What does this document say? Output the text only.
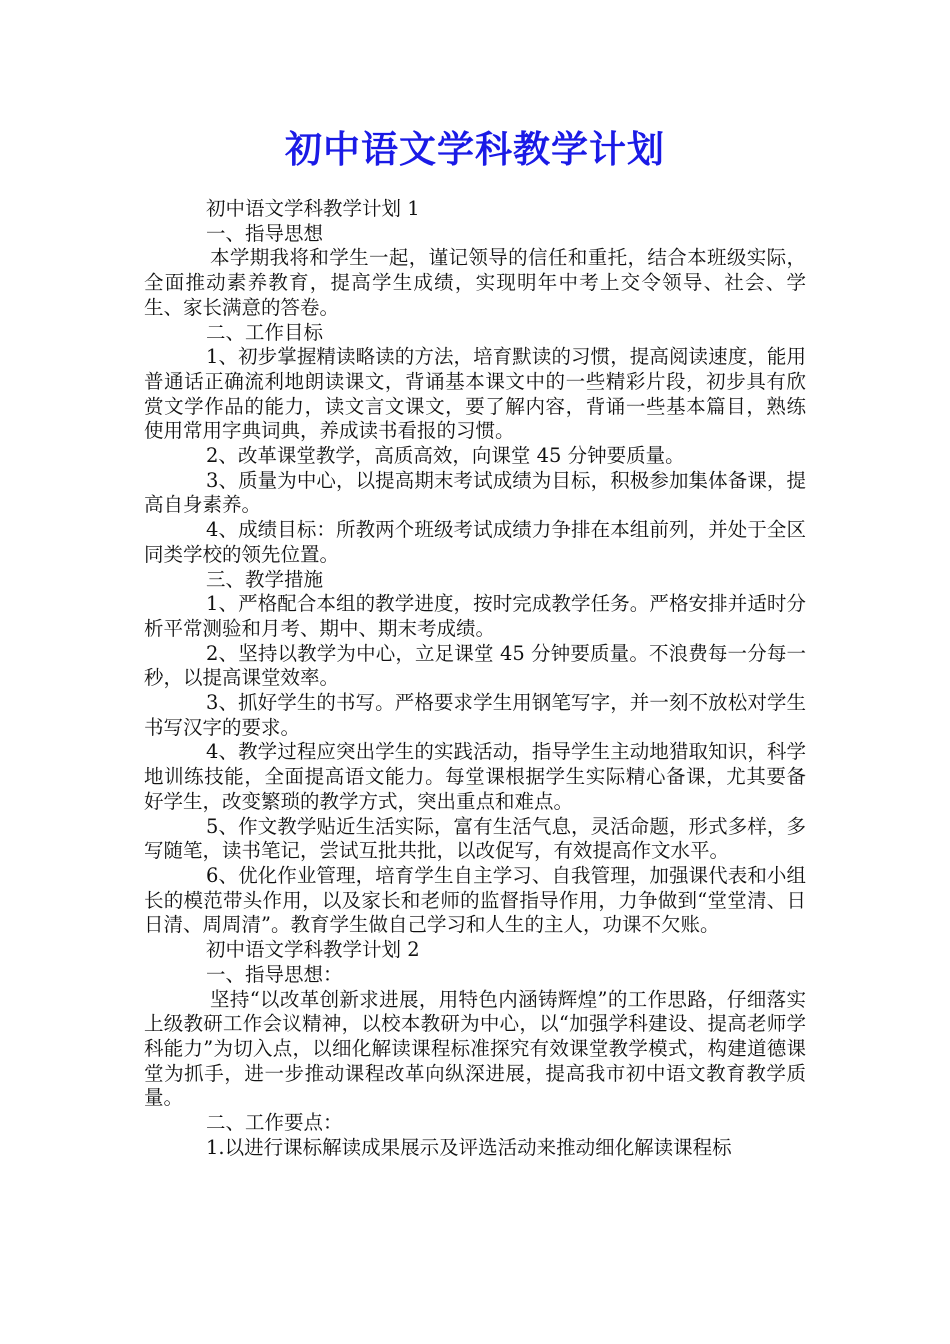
初中语文学科教学计划

初中语文学科教学计划 1

一、指导思想

本学期我将和学生一起，谨记领导的信任和重托，结合本班级实际，全面推动素养教育，提高学生成绩，实现明年中考上交令领导、社会、学生、家长满意的答卷。

二、工作目标

1、初步掌握精读略读的方法，培育默读的习惯，提高阅读速度，能用普通话正确流利地朗读课文，背诵基本课文中的一些精彩片段，初步具有欣赏文学作品的能力，读文言文课文，要了解内容，背诵一些基本篇目，熟练使用常用字典词典，养成读书看报的习惯。

2、改革课堂教学，高质高效，向课堂 45 分钟要质量。

3、质量为中心，以提高期末考试成绩为目标，积极参加集体备课，提高自身素养。

4、成绩目标：所教两个班级考试成绩力争排在本组前列，并处于全区同类学校的领先位置。

三、教学措施

1、严格配合本组的教学进度，按时完成教学任务。严格安排并适时分析平常测验和月考、期中、期末考成绩。

2、坚持以教学为中心，立足课堂 45 分钟要质量。不浪费每一分每一秒，以提高课堂效率。

3、抓好学生的书写。严格要求学生用钢笔写字，并一刻不放松对学生书写汉字的要求。

4、教学过程应突出学生的实践活动，指导学生主动地猎取知识，科学地训练技能，全面提高语文能力。每堂课根据学生实际精心备课，尤其要备好学生，改变繁琐的教学方式，突出重点和难点。

5、作文教学贴近生活实际，富有生活气息，灵活命题，形式多样，多写随笔，读书笔记，尝试互批共批，以改促写，有效提高作文水平。

6、优化作业管理，培育学生自主学习、自我管理，加强课代表和小组长的模范带头作用，以及家长和老师的监督指导作用，力争做到“堂堂清、日日清、周周清”。教育学生做自己学习和人生的主人，功课不欠账。

初中语文学科教学计划 2

一、指导思想：

坚持“以改革创新求进展，用特色内涵铸辉煌”的工作思路，仔细落实上级教研工作会议精神，以校本教研为中心，以“加强学科建设、提高老师学科能力”为切入点，以细化解读课程标准探究有效课堂教学模式，构建道德课堂为抓手，进一步推动课程改革向纵深进展，提高我市初中语文教育教学质量。

二、工作要点：

1.以进行课标解读成果展示及评选活动来推动细化解读课程标
